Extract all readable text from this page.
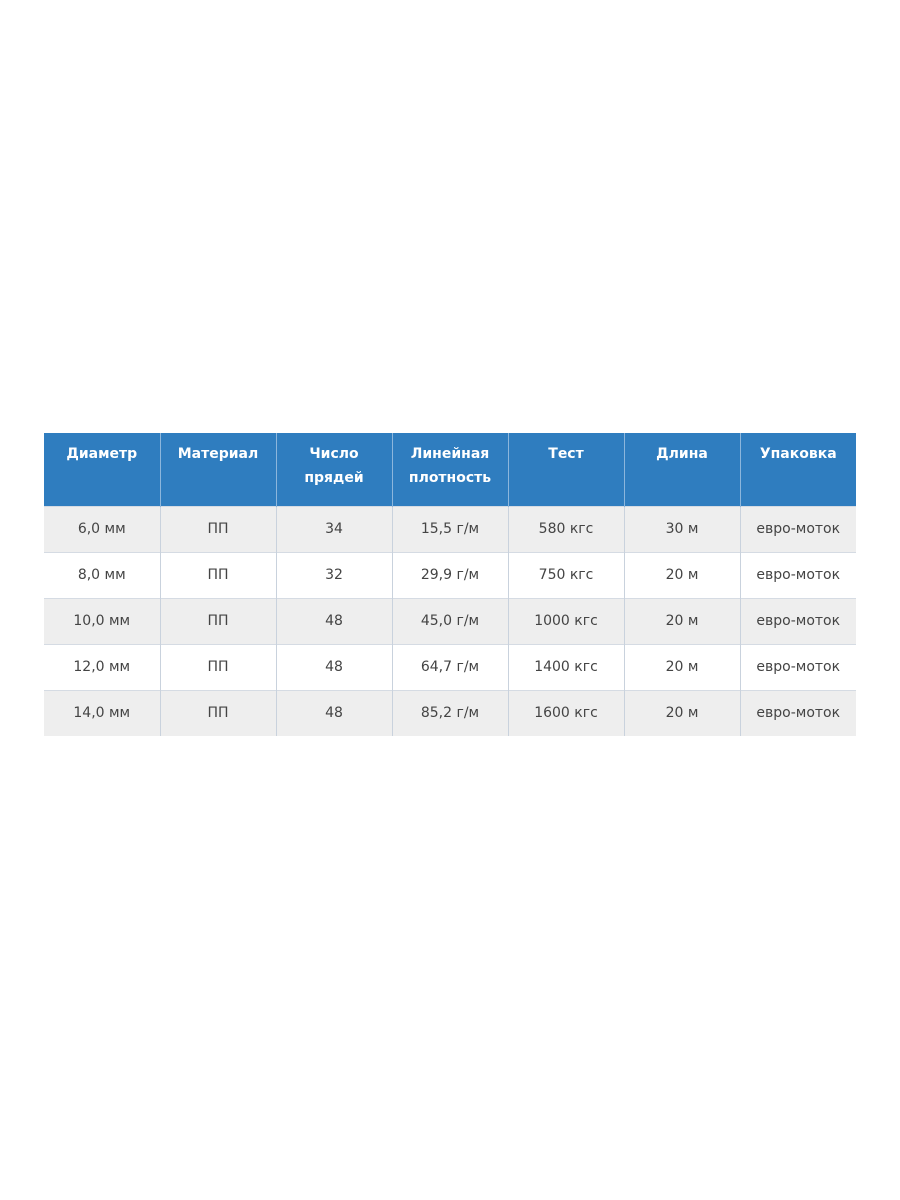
Диаметр	Материал	Число прядей	Линейная плотность	Тест	Длина	Упаковка
6,0 мм	ПП	34	15,5 г/м	580 кгс	30 м	евро-моток
8,0 мм	ПП	32	29,9 г/м	750 кгс	20 м	евро-моток
10,0 мм	ПП	48	45,0 г/м	1000 кгс	20 м	евро-моток
12,0 мм	ПП	48	64,7 г/м	1400 кгс	20 м	евро-моток
14,0 мм	ПП	48	85,2 г/м	1600 кгс	20 м	евро-моток
